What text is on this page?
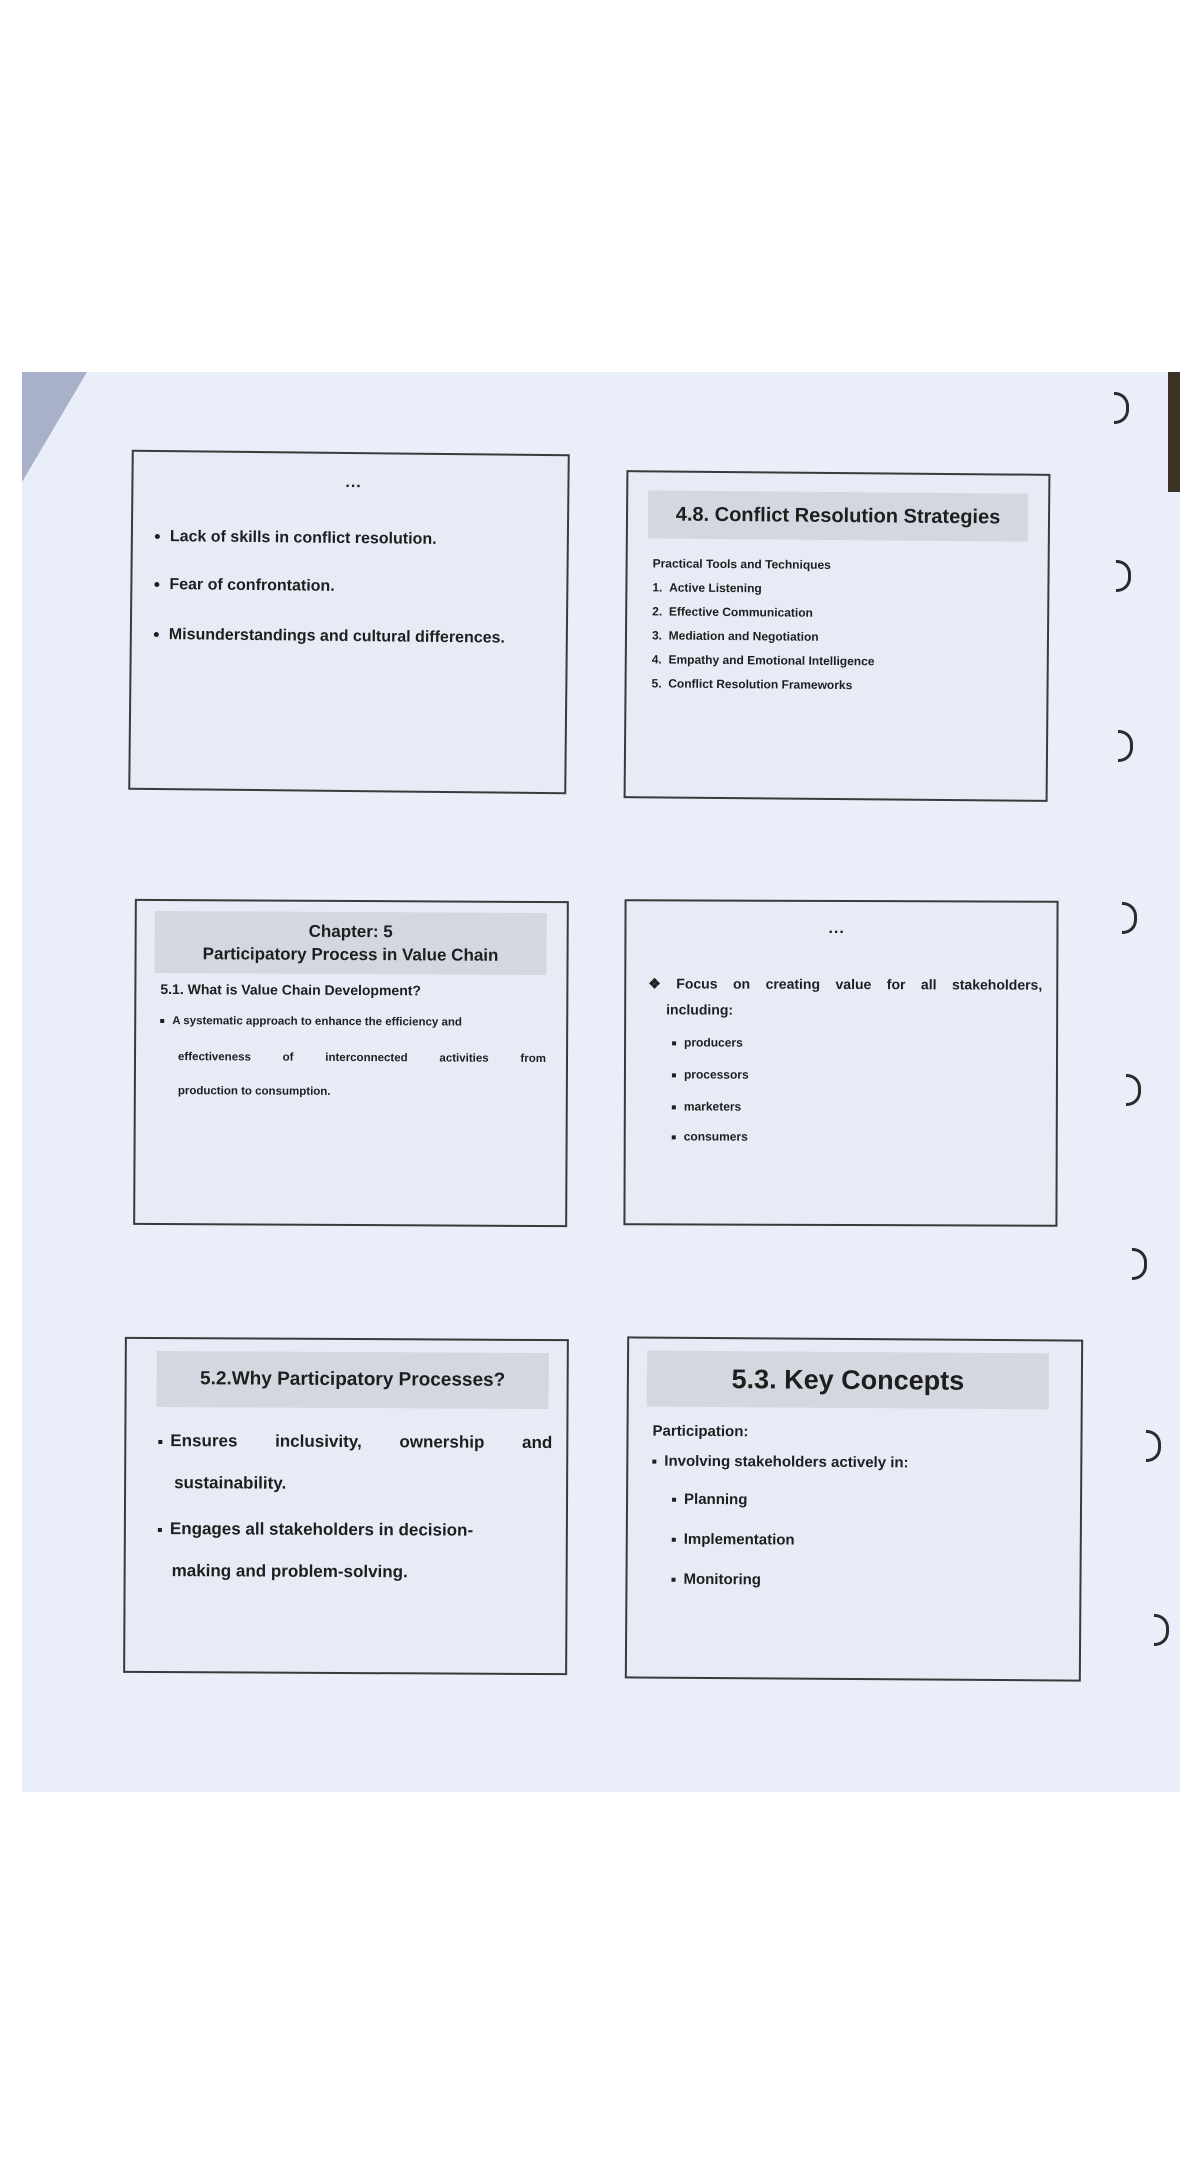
...
Lack of skills in conflict resolution.
Fear of confrontation.
Misunderstandings and cultural differences.
4.8. Conflict Resolution Strategies
Practical Tools and Techniques
1. Active Listening
2. Effective Communication
3. Mediation and Negotiation
4. Empathy and Emotional Intelligence
5. Conflict Resolution Frameworks
Chapter: 5
Participatory Process in Value Chain
5.1. What is Value Chain Development?
A systematic approach to enhance the efficiency and
effectiveness	of	interconnected	activities	from
production to consumption.
...
❖ Focus on creating value for all stakeholders,
including:
producers
processors
marketers
consumers
5.2.Why Participatory Processes?
Ensures inclusivity, ownership and
sustainability.
Engages all stakeholders in decision-
making and problem-solving.
5.3. Key Concepts
Participation:
Involving stakeholders actively in:
Planning
Implementation
Monitoring
